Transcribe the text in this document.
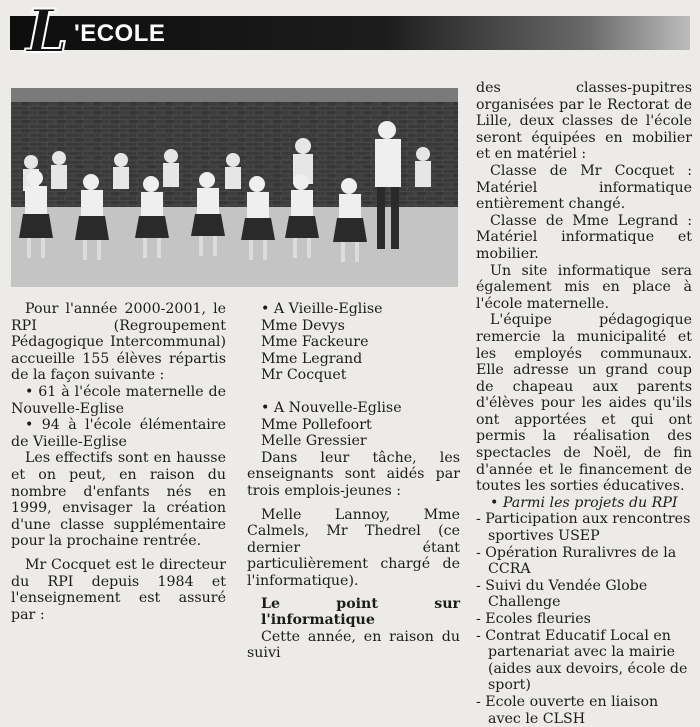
L 'ECOLE
Pour l'année 2000-2001, le RPI (Regroupement Pédagogique Intercommunal) accueille 155 élèves répartis de la façon suivante :
• 61 à l'école maternelle de Nouvelle-Eglise
• 94 à l'école élémentaire de Vieille-Eglise
Les effectifs sont en hausse et on peut, en raison du nombre d'enfants nés en 1999, envisager la création d'une classe supplémentaire pour la prochaine rentrée.
Mr Cocquet est le directeur du RPI depuis 1984 et l'enseignement est assuré par :
• A Vieille-Eglise
Mme Devys
Mme Fackeure
Mme Legrand
Mr Cocquet
• A Nouvelle-Eglise
Mme Pollefoort
Melle Gressier
Dans leur tâche, les enseignants sont aidés par trois emplois-jeunes :
Melle Lannoy, Mme Calmels, Mr Thedrel (ce dernier étant particulièrement chargé de l'informatique).
Le point sur l'informatique
Cette année, en raison du suivi
des classes-pupitres organisées par le Rectorat de Lille, deux classes de l'école seront équipées en mobilier et en matériel :
Classe de Mr Cocquet : Matériel informatique entièrement changé.
Classe de Mme Legrand : Matériel informatique et mobilier.
Un site informatique sera également mis en place à l'école maternelle.
L'équipe pédagogique remercie la municipalité et les employés communaux. Elle adresse un grand coup de chapeau aux parents d'élèves pour les aides qu'ils ont apportées et qui ont permis la réalisation des spectacles de Noël, de fin d'année et le financement de toutes les sorties éducatives.
• Parmi les projets du RPI
- Participation aux rencontres sportives USEP
- Opération Ruralivres de la CCRA
- Suivi du Vendée Globe Challenge
- Ecoles fleuries
- Contrat Educatif Local en partenariat avec la mairie (aides aux devoirs, école de sport)
- Ecole ouverte en liaison avec le CLSH
